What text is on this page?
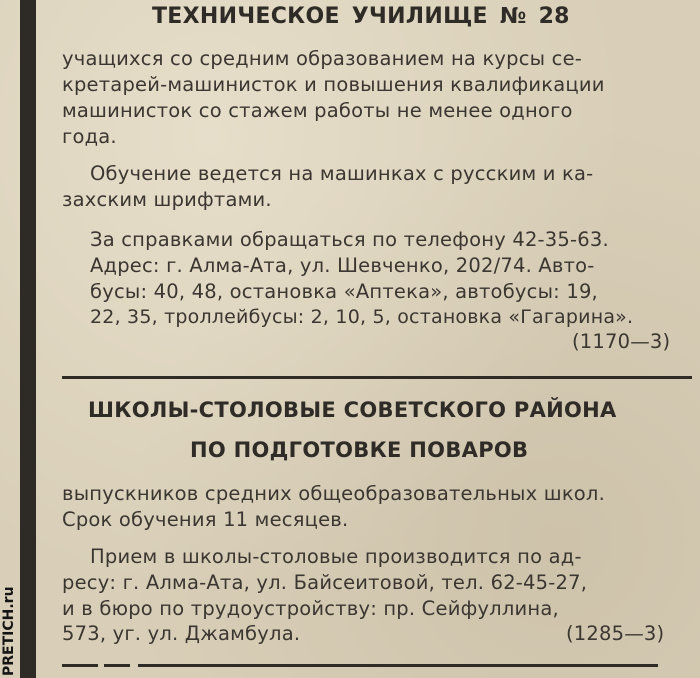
PRETICH.ru
ТЕХНИЧЕСКОЕ УЧИЛИЩЕ № 28
учащихся со средним образованием на курсы се-
кретарей-машинисток и повышения квалификации
машинисток со стажем работы не менее одного
года.
Обучение ведется на машинках с русским и ка-
захским шрифтами.
За справками обращаться по телефону 42-35-63.
Адрес: г. Алма-Ата, ул. Шевченко, 202/74. Авто-
бусы: 40, 48, остановка «Аптека», автобусы: 19,
22, 35, троллейбусы: 2, 10, 5, остановка «Гагарина».
(1170—3)
ШКОЛЫ-СТОЛОВЫЕ СОВЕТСКОГО РАЙОНА
ПО ПОДГОТОВКЕ ПОВАРОВ
выпускников средних общеобразовательных школ.
Срок обучения 11 месяцев.
Прием в школы-столовые производится по ад-
ресу: г. Алма-Ата, ул. Байсеитовой, тел. 62-45-27,
и в бюро по трудоустройству: пр. Сейфуллина,
573, уг. ул. Джамбула.	(1285—3)
